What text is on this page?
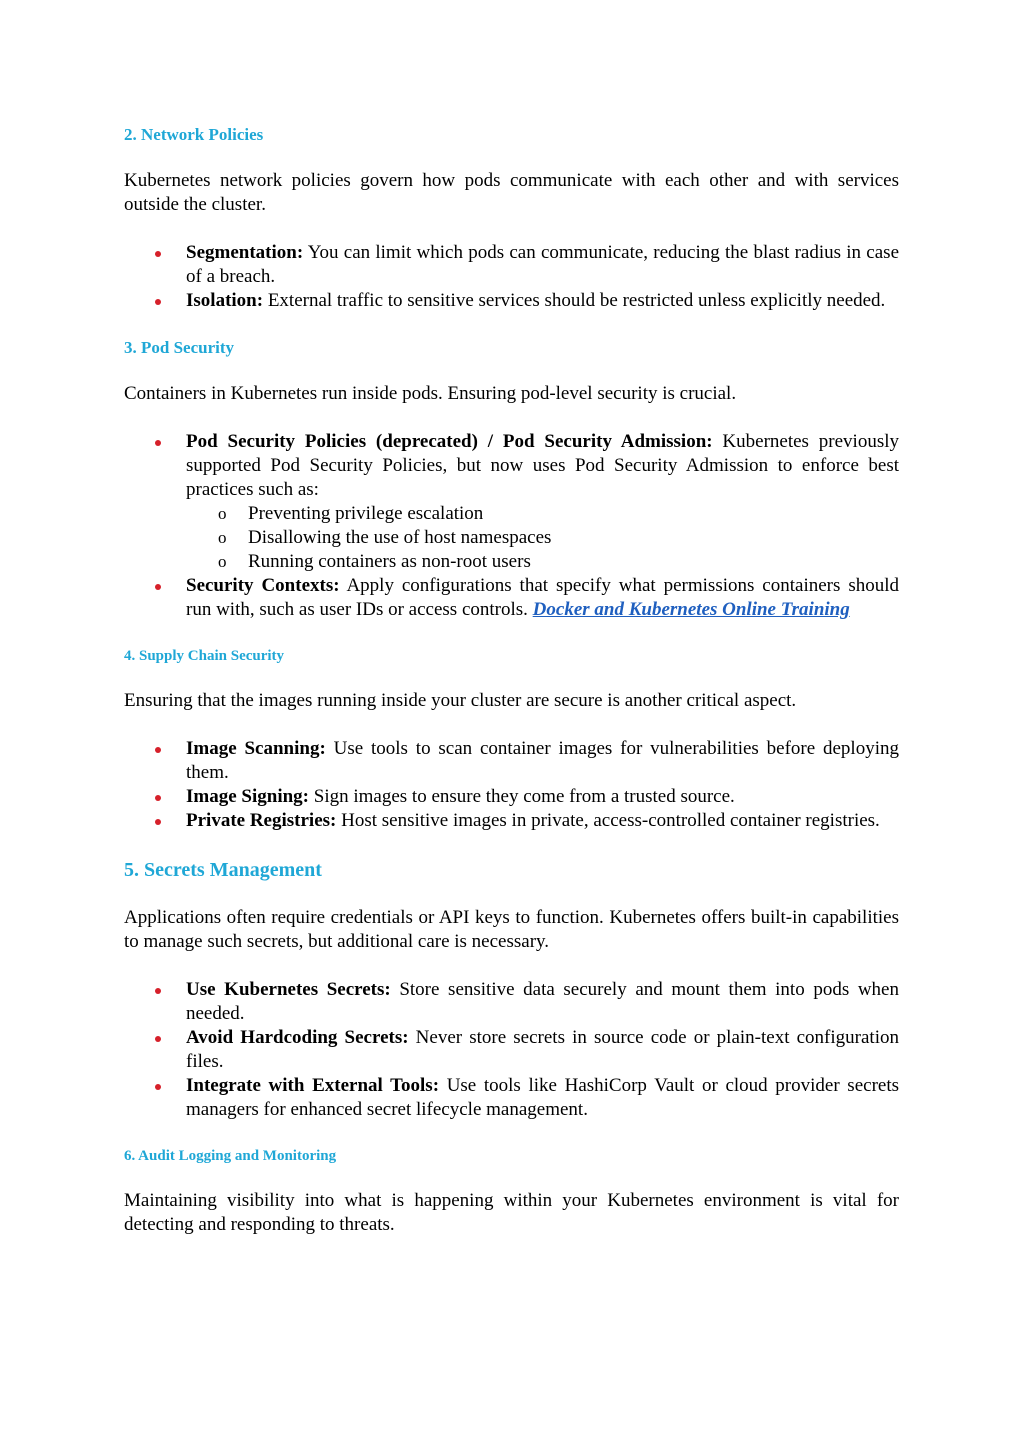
2. Network Policies

Kubernetes network policies govern how pods communicate with each other and with services outside the cluster.

Segmentation: You can limit which pods can communicate, reducing the blast radius in case of a breach.
Isolation: External traffic to sensitive services should be restricted unless explicitly needed.
3. Pod Security

Containers in Kubernetes run inside pods. Ensuring pod-level security is crucial.

Pod Security Policies (deprecated) / Pod Security Admission: Kubernetes previously supported Pod Security Policies, but now uses Pod Security Admission to enforce best practices such as:
o Preventing privilege escalation
o Disallowing the use of host namespaces
o Running containers as non-root users
Security Contexts: Apply configurations that specify what permissions containers should run with, such as user IDs or access controls. Docker and Kubernetes Online Training
4. Supply Chain Security

Ensuring that the images running inside your cluster are secure is another critical aspect.

Image Scanning: Use tools to scan container images for vulnerabilities before deploying them.
Image Signing: Sign images to ensure they come from a trusted source.
Private Registries: Host sensitive images in private, access-controlled container registries.
5. Secrets Management

Applications often require credentials or API keys to function. Kubernetes offers built-in capabilities to manage such secrets, but additional care is necessary.

Use Kubernetes Secrets: Store sensitive data securely and mount them into pods when needed.
Avoid Hardcoding Secrets: Never store secrets in source code or plain-text configuration files.
Integrate with External Tools: Use tools like HashiCorp Vault or cloud provider secrets managers for enhanced secret lifecycle management.
6. Audit Logging and Monitoring

Maintaining visibility into what is happening within your Kubernetes environment is vital for detecting and responding to threats.
